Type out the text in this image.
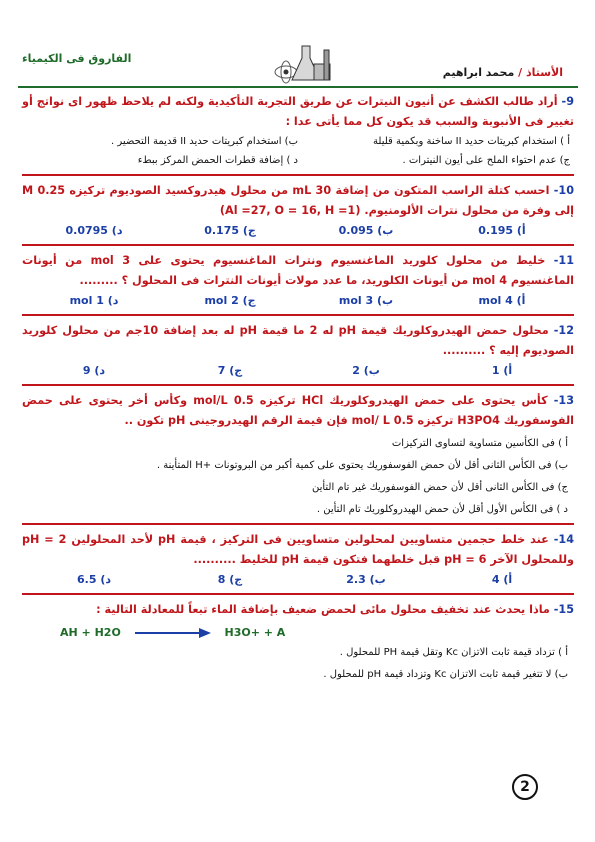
الفاروق فى الكيمياء
الأستاذ / محمد ابراهيم
9- أراد طالب الكشف عن أنيون النيترات عن طريق التجربة التأكيدية ولكنه لم يلاحظ ظهور اى نواتج أو تغيير فى الأنبوبة والسبب قد يكون كل مما يأتى عدا :
أ ) استخدام كبريتات حديد II ساخنة وبكمية قليلة
ب) استخدام كبريتات حديد II قديمة التحضير .
ج) عدم احتواء الملح على أيون النيترات .
د ) إضافة قطرات الحمض المركز ببطء
10- احسب كتلة الراسب المتكون من إضافة 30 mL من محلول هيدروكسيد الصوديوم تركيزه 0.25 M إلى وفرة من محلول نترات الألومنيوم. (Al =27, O = 16, H =1)
أ) 0.195
ب) 0.095
ج) 0.175
د) 0.0795
11- خليط من محلول كلوريد الماغنسيوم ونترات الماغنسيوم يحتوى على 3 mol من أيونات الماغنسيوم 4 mol من أيونات الكلوريد، ما عدد مولات أيونات النترات فى المحلول ؟ .........
أ) 4 mol
ب) 3 mol
ج) 2 mol
د) 1 mol
12- محلول حمض الهيدروكلوريك قيمة pH له 2 ما قيمة pH له بعد إضافة 10جم من محلول كلوريد الصوديوم إليه ؟ ..........
أ) 1
ب) 2
ج) 7
د) 9
13- كأس يحتوى على حمض الهيدروكلوريك HCl تركيزه 0.5 mol/L وكأس أخر يحتوى على حمض الفوسفوريك H3PO4 تركيزه 0.5 mol/ L فإن قيمة الرقم الهيدروجينى pH تكون ..
أ ) فى الكأسين متساوية لتساوى التركيزات
ب) فى الكأس الثانى أقل لأن حمض الفوسفوريك يحتوى على كمية أكبر من البروتونات +H المتأينة .
ج) فى الكأس الثانى أقل لأن حمض الفوسفوريك غير تام التأين
د ) فى الكأس الأول أقل لأن حمض الهيدروكلوريك تام التأين .
14- عند خلط حجمين متساويين لمحلولين متساويين فى التركيز ، قيمة pH لأحد المحلولين pH = 2 وللمحلول الآخر pH = 6 قبل خلطهما فتكون قيمة pH للخليط ..........
أ) 4
ب) 2.3
ج) 8
د) 6.5
15- ماذا يحدث عند تخفيف محلول مائى لحمض ضعيف بإضافة الماء تبعاً للمعادلة التالية :
AH + H2O	H3O+ + A
أ ) تزداد قيمة ثابت الاتزان Kc وتقل قيمة PH للمحلول .
ب) لا تتغير قيمة ثابت الاتزان Kc وتزداد قيمة pH للمحلول .
2
